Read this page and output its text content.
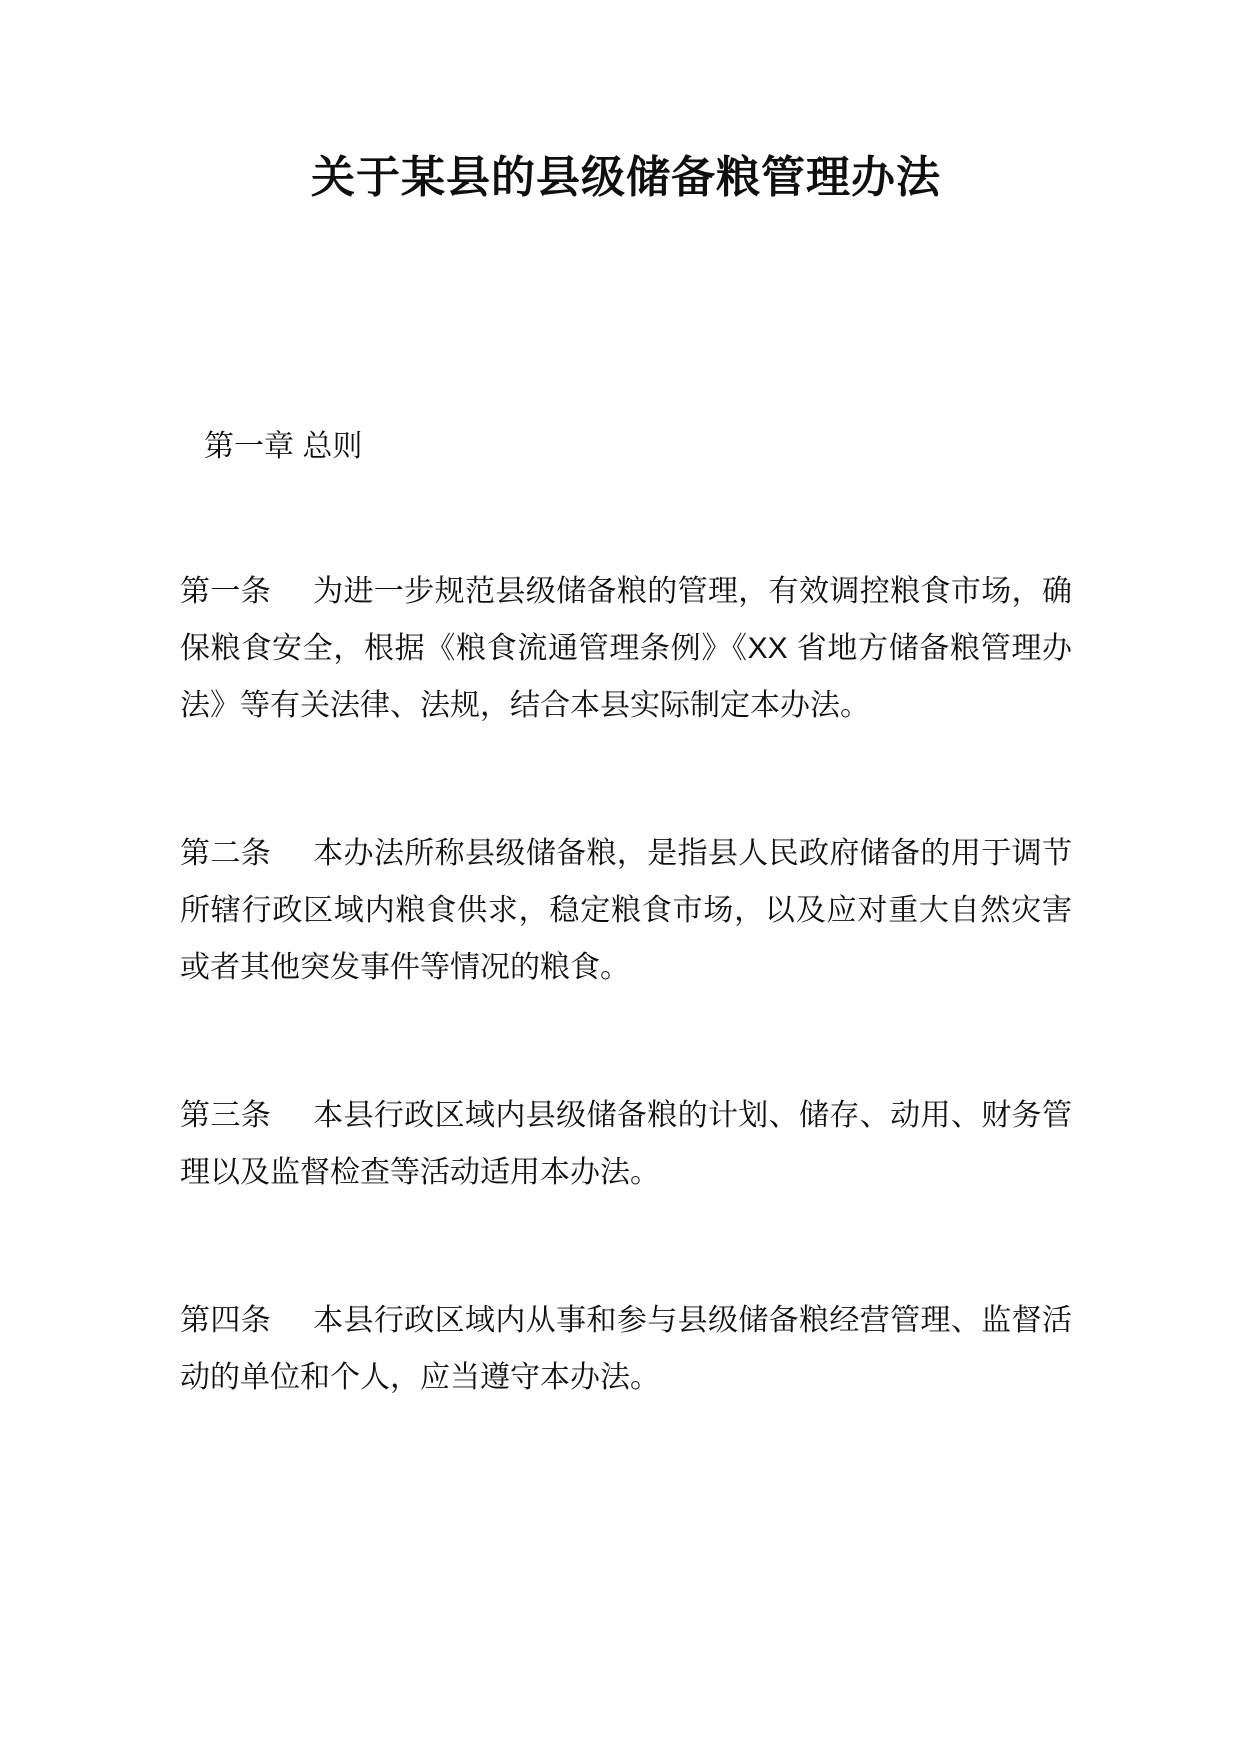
关于某县的县级储备粮管理办法
第一章 总则

第一条 为进一步规范县级储备粮的管理，有效调控粮食市场，确保粮食安全，根据《粮食流通管理条例》《XX 省地方储备粮管理办法》等有关法律、法规，结合本县实际制定本办法。

第二条 本办法所称县级储备粮，是指县人民政府储备的用于调节所辖行政区域内粮食供求，稳定粮食市场，以及应对重大自然灾害或者其他突发事件等情况的粮食。

第三条 本县行政区域内县级储备粮的计划、储存、动用、财务管理以及监督检查等活动适用本办法。

第四条 本县行政区域内从事和参与县级储备粮经营管理、监督活动的单位和个人，应当遵守本办法。
